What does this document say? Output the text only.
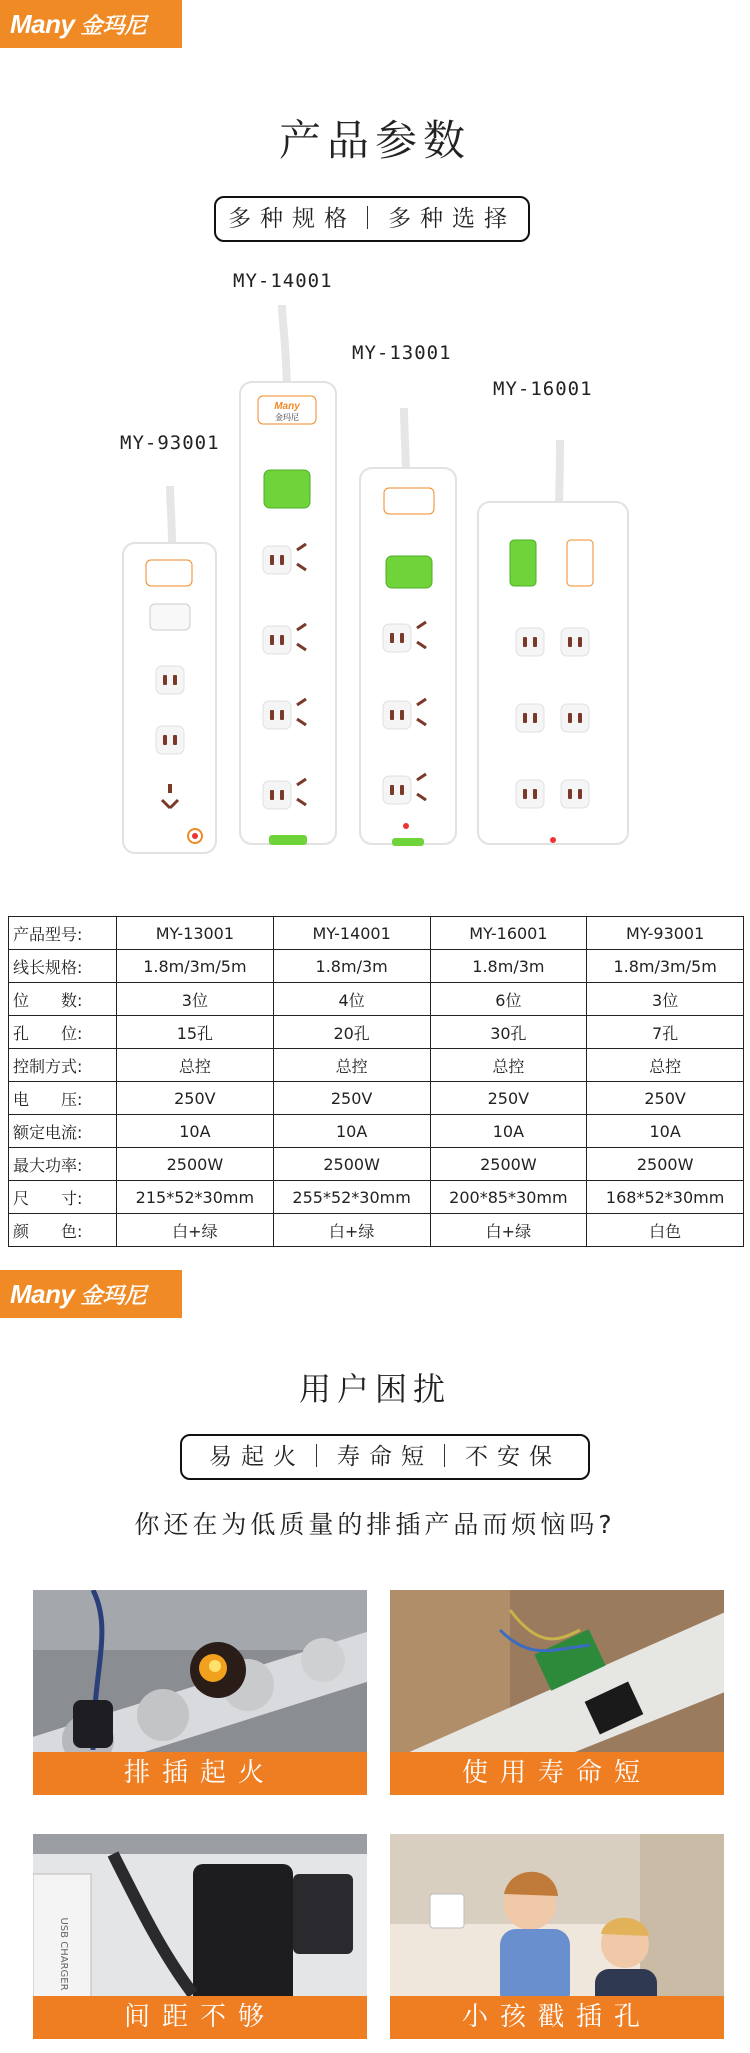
Many 金玛尼
产品参数
多种规格｜多种选择
MY-14001
MY-13001
MY-16001
MY-93001
Many
金玛尼
产品型号:	MY-13001	MY-14001	MY-16001	MY-93001
线长规格:	1.8m/3m/5m	1.8m/3m	1.8m/3m	1.8m/3m/5m
位　　数:	3位	4位	6位	3位
孔　　位:	15孔	20孔	30孔	7孔
控制方式:	总控	总控	总控	总控
电　　压:	250V	250V	250V	250V
额定电流:	10A	10A	10A	10A
最大功率:	2500W	2500W	2500W	2500W
尺　　寸:	215*52*30mm	255*52*30mm	200*85*30mm	168*52*30mm
颜　　色:	白+绿	白+绿	白+绿	白色
Many 金玛尼
用户困扰
易起火｜寿命短｜不安保
你还在为低质量的排插产品而烦恼吗?
排插起火	使用寿命短
USB CHARGER
间距不够	小孩戳插孔
